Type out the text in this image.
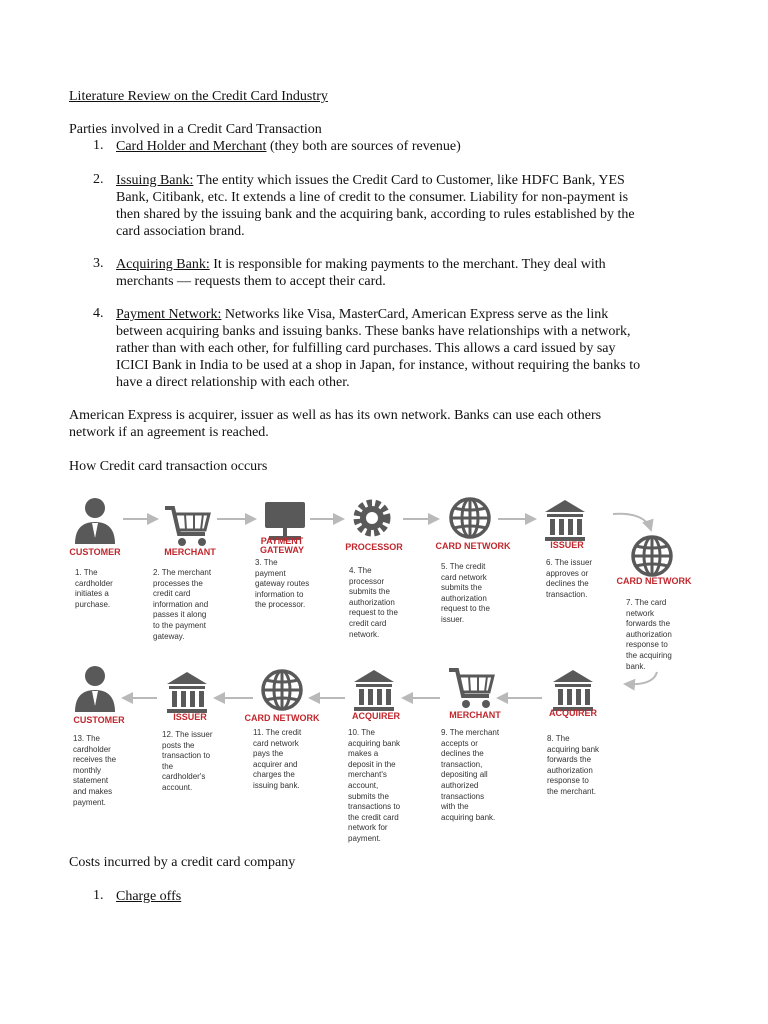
Literature Review on the Credit Card Industry
Parties involved in a Credit Card Transaction
1. Card Holder and Merchant (they both are sources of revenue)
2. Issuing Bank: The entity which issues the Credit Card to Customer, like HDFC Bank, YES
Bank, Citibank, etc. It extends a line of credit to the consumer. Liability for non-payment is
then shared by the issuing bank and the acquiring bank, according to rules established by the
card association brand.
3. Acquiring Bank: It is responsible for making payments to the merchant. They deal with
merchants — requests them to accept their card.
4. Payment Network: Networks like Visa, MasterCard, American Express serve as the link
between acquiring banks and issuing banks. These banks have relationships with a network,
rather than with each other, for fulfilling card purchases. This allows a card issued by say
ICICI Bank in India to be used at a shop in Japan, for instance, without requiring the banks to
have a direct relationship with each other.
American Express is acquirer, issuer as well as has its own network. Banks can use each others
network if an agreement is reached.
How Credit card transaction occurs
CUSTOMER
1. The
cardholder
initiates a
purchase.
MERCHANT
2. The merchant
processes the
credit card
information and
passes it along
to the payment
gateway.
PAYMENT
GATEWAY
3. The
payment
gateway routes
information to
the processor.
PROCESSOR
4. The
processor
submits the
authorization
request to the
credit card
network.
CARD NETWORK
5. The credit
card network
submits the
authorization
request to the
issuer.
ISSUER
6. The issuer
approves or
declines the
transaction.
CARD NETWORK
7. The card
network
forwards the
authorization
response to
the acquiring
bank.
ACQUIRER
8. The
acquiring bank
forwards the
authorization
response to
the merchant.
MERCHANT
9. The merchant
accepts or
declines the
transaction,
depositing all
authorized
transactions
with the
acquiring bank.
ACQUIRER
10. The
acquiring bank
makes a
deposit in the
merchant's
account,
submits the
transactions to
the credit card
network for
payment.
CARD NETWORK
11. The credit
card network
pays the
acquirer and
charges the
issuing bank.
ISSUER
12. The issuer
posts the
transaction to
the
cardholder's
account.
CUSTOMER
13. The
cardholder
receives the
monthly
statement
and makes
payment.
Costs incurred by a credit card company
1. Charge offs
